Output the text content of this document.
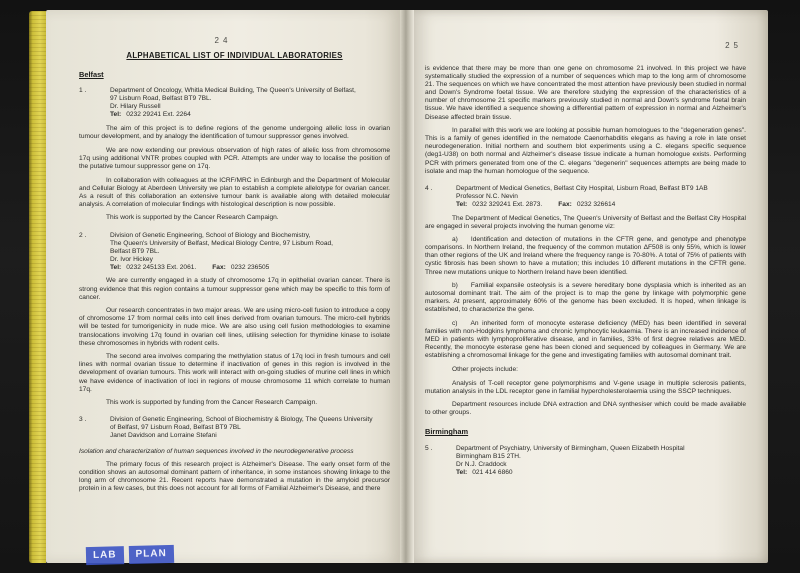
24
ALPHABETICAL LIST OF INDIVIDUAL LABORATORIES
Belfast
1 .	Department of Oncology, Whitla Medical Building, The Queen's University of Belfast,
97 Lisburn Road, Belfast BT9 7BL.
Dr. Hilary Russell
Tel: 0232 29241 Ext. 2264

The aim of this project is to define regions of the genome undergoing allelic loss in ovarian tumour development, and by analogy the identification of tumour suppressor genes involved.

We are now extending our previous observation of high rates of allelic loss from chromosome 17q using additional VNTR probes coupled with PCR. Attempts are under way to localise the position of the putative tumour suppressor gene on 17q.

In collaboration with colleagues at the ICRF/MRC in Edinburgh and the Department of Molecular and Cellular Biology at Aberdeen University we plan to establish a complete allelotype for ovarian cancer. As a result of this collaboration an extensive tumour bank is available along with detailed molecular analysis. A correlation of molecular findings with histological description is now possible.

This work is supported by the Cancer Research Campaign.

2 .	Division of Genetic Engineering, School of Biology and Biochemistry,
The Queen's University of Belfast, Medical Biology Centre, 97 Lisburn Road,
Belfast BT9 7BL.
Dr. Ivor Hickey
Tel: 0232 245133 Ext. 2061. Fax: 0232 236505

We are currently engaged in a study of chromosome 17q in epithelial ovarian cancer. There is strong evidence that this region contains a tumour suppressor gene which may be specific to this form of cancer.

Our research concentrates in two major areas. We are using micro-cell fusion to introduce a copy of chromosome 17 from normal cells into cell lines derived from ovarian tumours. The micro-cell hybrids will be tested for tumorigenicity in nude mice. We are also using cell fusion methodologies to examine translocations involving 17q found in ovarian cell lines, utilising selection for thymidine kinase to isolate these chromosomes in hybrids with rodent cells.

The second area involves comparing the methylation status of 17q loci in fresh tumours and cell lines with normal ovarian tissue to determine if inactivation of genes in this region is involved in the development of ovarian tumours. This work will interact with on-going studies of murine cell lines in which we have evidence of inactivation of loci in regions of mouse chromosome 11 which correlate to human 17q.

This work is supported by funding from the Cancer Research Campaign.

3 .	Division of Genetic Engineering, School of Biochemistry & Biology, The Queens University
of Belfast, 97 Lisburn Road, Belfast BT9 7BL
Janet Davidson and Lorraine Stefani
Isolation and characterization of human sequences involved in the neurodegenerative process

The primary focus of this research project is Alzheimer's Disease. The early onset form of the condition shows an autosomal dominant pattern of inheritance, in some instances showing linkage to the long arm of chromosome 21. Recent reports have demonstrated a mutation in the amyloid precursor protein in a few cases, but this does not account for all forms of Familial Alzheimer's Disease, and there

25

is evidence that there may be more than one gene on chromosome 21 involved. In this project we have systematically studied the expression of a number of sequences which map to the long arm of chromosome 21. The sequences on which we have concentrated the most attention have previously been studied in normal and Down's Syndrome foetal tissue. We are therefore studying the expression of the characteristics of a number of chromosome 21 specific markers previously studied in normal and Down's syndrome foetal brain tissue. We have identified a sequence showing a differential pattern of expression in normal and Alzheimer's Disease affected brain tissue.

In parallel with this work we are looking at possible human homologues to the "degeneration genes". This is a family of genes identified in the nematode Caenorhabditis elegans as having a role in late onset neurodegeneration. Initial northern and southern blot experiments using a C. elegans specific sequence (deg1-U38) on both normal and Alzheimer's disease tissue indicate a human homologue exists. Performing PCR with primers generated from one of the C. elegans "degenerin" sequences attempts are being made to isolate and map the human homologue of the sequence.

4 .	Department of Medical Genetics, Belfast City Hospital, Lisburn Road, Belfast BT9 1AB
Professor N.C. Nevin
Tel: 0232 329241 Ext. 2873. Fax: 0232 326614

The Department of Medical Genetics, The Queen's University of Belfast and the Belfast City Hospital are engaged in several projects involving the human genome viz:

a) Identification and detection of mutations in the CFTR gene, and genotype and phenotype comparisons. In Northern Ireland, the frequency of the common mutation ΔF508 is only 55%, which is lower than other regions of the UK and Ireland where the frequency range is 70-80%. A total of 75% of patients with cystic fibrosis has been shown to have a mutation; this includes 10 different mutations in the CFTR gene. Three new mutations unique to Northern Ireland have been identified.

b) Familial expansile osteolysis is a severe hereditary bone dysplasia which is inherited as an autosomal dominant trait. The aim of the project is to map the gene by linkage with polymorphic gene markers. At present, approximately 60% of the genome has been excluded. It is hoped, when linkage is established, to characterize the gene.

c) An inherited form of monocyte esterase deficiency (MED) has been identified in several families with non-Hodgkins lymphoma and chronic lymphocytic leukaemia. There is an increased incidence of MED in patients with lymphoproliferative disease, and in families, 33% of first degree relatives are MED. Recently, the monocyte esterase gene has been cloned and sequenced by colleagues in Germany. We are establishing a chromosomal linkage for the gene and investigating families with autosomal dominant trait.

Other projects include:

Analysis of T-cell receptor gene polymorphisms and V-gene usage in multiple sclerosis patients, mutation analysis in the LDL receptor gene in familial hypercholesterolaemia using the SSCP techniques.

Department resources include DNA extraction and DNA synthesiser which could be made available to other groups.

Birmingham
5 .	Department of Psychiatry, University of Birmingham, Queen Elizabeth Hospital
Birmingham B15 2TH.
Dr N.J. Craddock
Tel: 021 414 6860
LAB	PLAN
